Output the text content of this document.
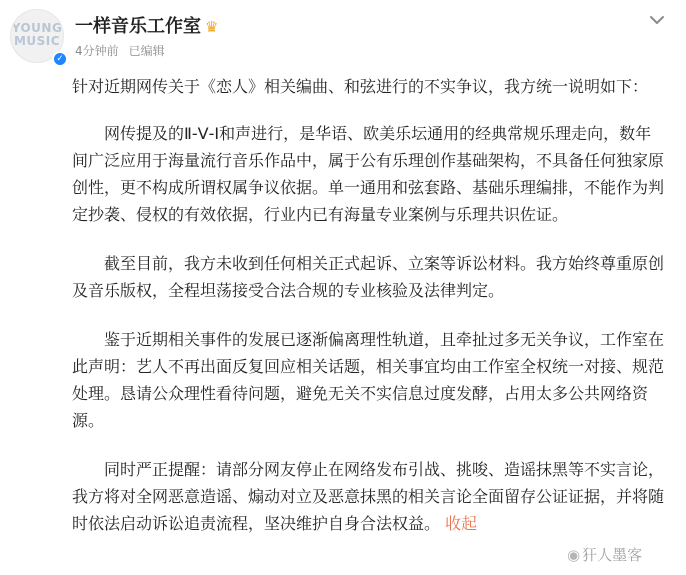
YOUNG
MUSIC
✓
一样音乐工作室 ♛
4分钟前 已编辑

针对近期网传关于《恋人》相关编曲、和弦进行的不实争议，我方统一说明如下：

网传提及的Ⅱ-Ⅴ-Ⅰ和声进行，是华语、欧美乐坛通用的经典常规乐理走向，数年间广泛应用于海量流行音乐作品中，属于公有乐理创作基础架构，不具备任何独家原创性，更不构成所谓权属争议依据。单一通用和弦套路、基础乐理编排，不能作为判定抄袭、侵权的有效依据，行业内已有海量专业案例与乐理共识佐证。

截至目前，我方未收到任何相关正式起诉、立案等诉讼材料。我方始终尊重原创及音乐版权，全程坦荡接受合法合规的专业核验及法律判定。

鉴于近期相关事件的发展已逐渐偏离理性轨道，且牵扯过多无关争议，工作室在此声明：艺人不再出面反复回应相关话题，相关事宜均由工作室全权统一对接、规范处理。恳请公众理性看待问题，避免无关不实信息过度发酵，占用太多公共网络资源。

同时严正提醒：请部分网友停止在网络发布引战、挑唆、造谣抹黑等不实言论，我方将对全网恶意造谣、煽动对立及恶意抹黑的相关言论全面留存公证证据，并将随时依法启动诉讼追责流程，坚决维护自身合法权益。 收起

◉ 犴人墨客
